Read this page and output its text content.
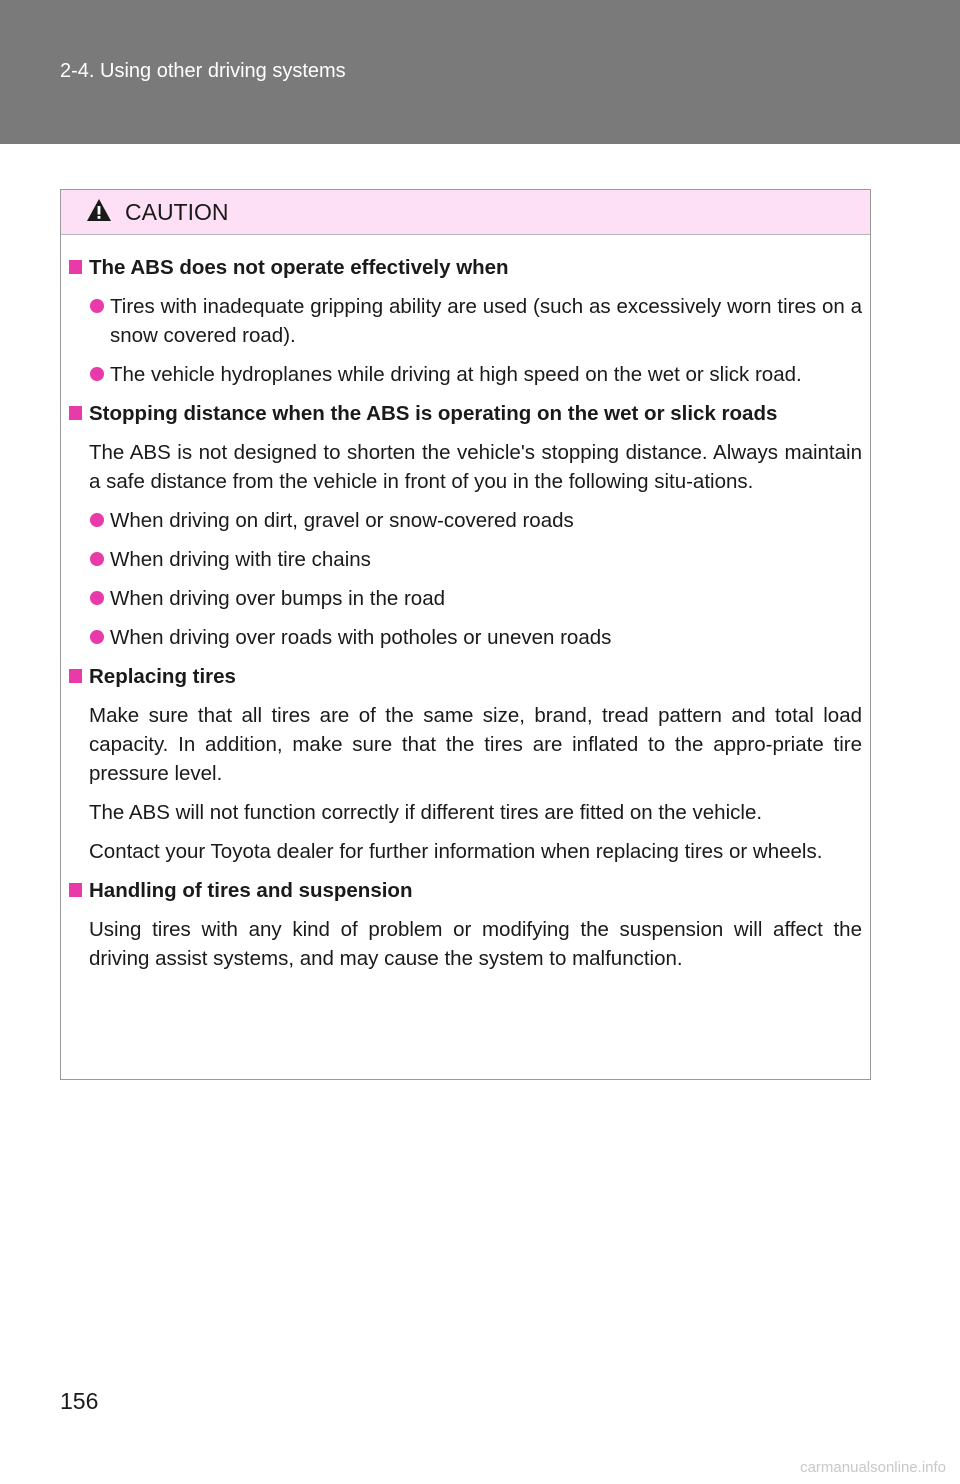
2-4. Using other driving systems
CAUTION
The ABS does not operate effectively when
Tires with inadequate gripping ability are used (such as excessively worn tires on a snow covered road).
The vehicle hydroplanes while driving at high speed on the wet or slick road.
Stopping distance when the ABS is operating on the wet or slick roads
The ABS is not designed to shorten the vehicle's stopping distance. Always maintain a safe distance from the vehicle in front of you in the following situ-ations.
When driving on dirt, gravel or snow-covered roads
When driving with tire chains
When driving over bumps in the road
When driving over roads with potholes or uneven roads
Replacing tires
Make sure that all tires are of the same size, brand, tread pattern and total load capacity. In addition, make sure that the tires are inflated to the appro-priate tire pressure level.
The ABS will not function correctly if different tires are fitted on the vehicle.
Contact your Toyota dealer for further information when replacing tires or wheels.
Handling of tires and suspension
Using tires with any kind of problem or modifying the suspension will affect the driving assist systems, and may cause the system to malfunction.
156
carmanualsonline.info
